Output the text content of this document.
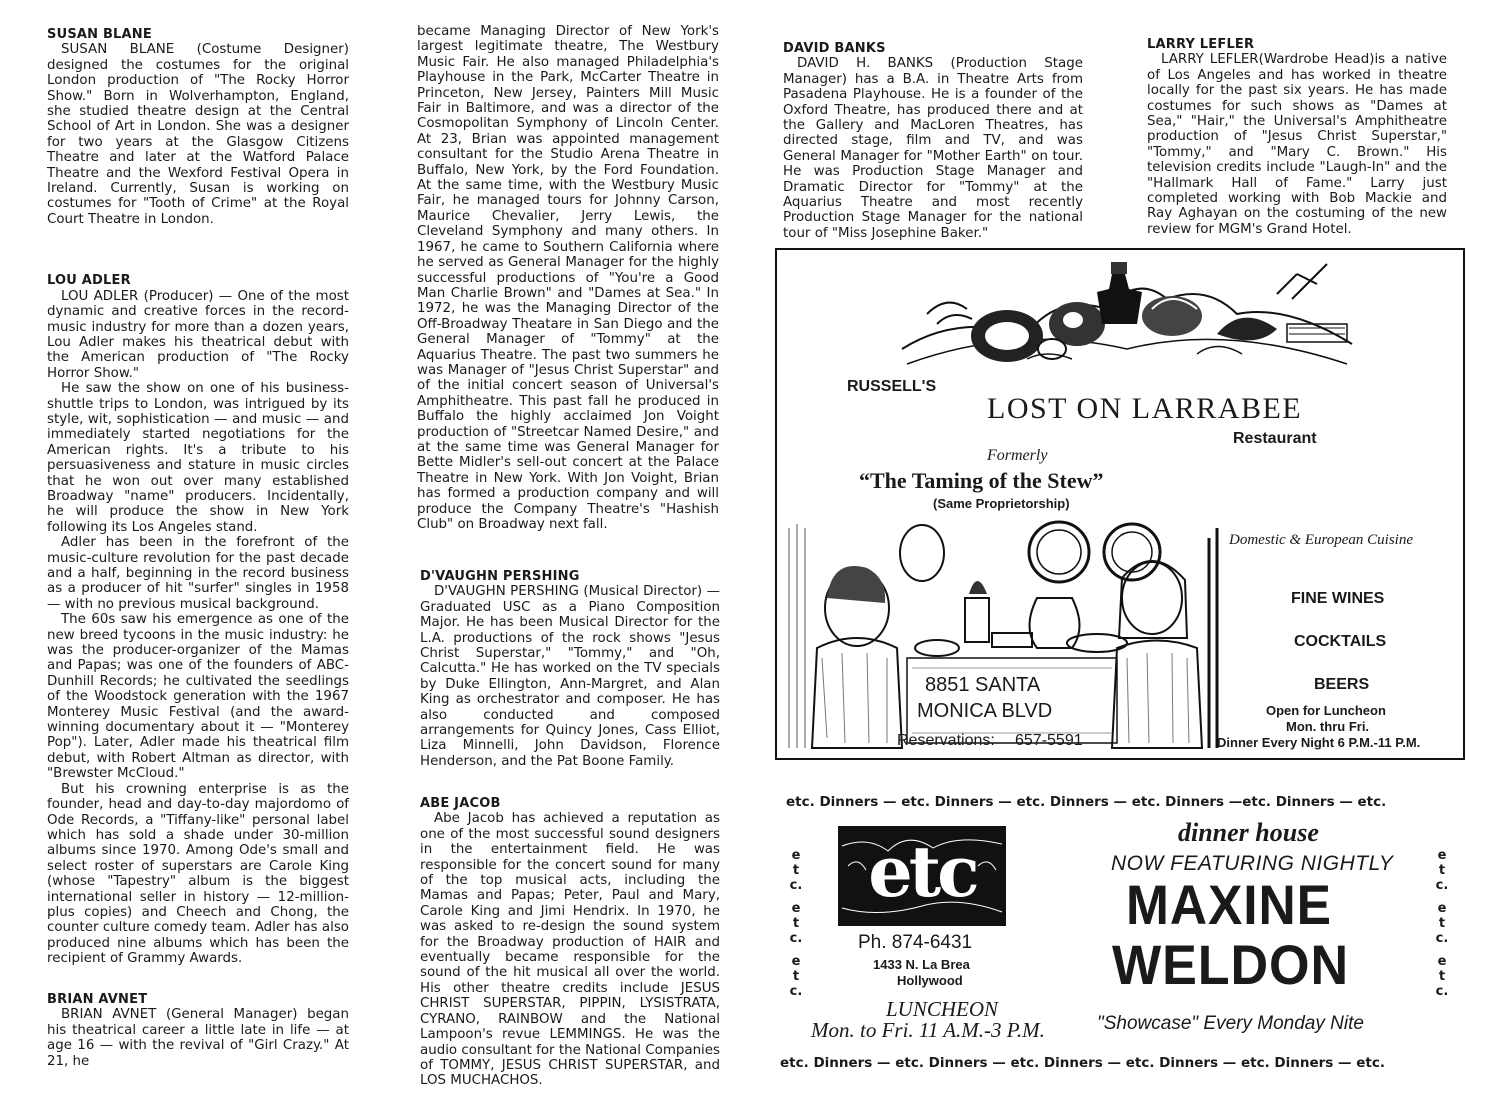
SUSAN BLANE

SUSAN BLANE (Costume Designer) designed the costumes for the original London production of "The Rocky Horror Show." Born in Wolverhampton, England, she studied theatre design at the Central School of Art in London. She was a designer for two years at the Glasgow Citizens Theatre and later at the Watford Palace Theatre and the Wexford Festival Opera in Ireland. Currently, Susan is working on costumes for "Tooth of Crime" at the Royal Court Theatre in London.

LOU ADLER

LOU ADLER (Producer) — One of the most dynamic and creative forces in the record-music industry for more than a dozen years, Lou Adler makes his theatrical debut with the American production of "The Rocky Horror Show."

He saw the show on one of his business-shuttle trips to London, was intrigued by its style, wit, sophistication — and music — and immediately started negotiations for the American rights. It's a tribute to his persuasiveness and stature in music circles that he won out over many established Broadway "name" producers. Incidentally, he will produce the show in New York following its Los Angeles stand.

Adler has been in the forefront of the music-culture revolution for the past decade and a half, beginning in the record business as a producer of hit "surfer" singles in 1958 — with no previous musical background.

The 60s saw his emergence as one of the new breed tycoons in the music industry: he was the producer-organizer of the Mamas and Papas; was one of the founders of ABC-Dunhill Records; he cultivated the seedlings of the Woodstock generation with the 1967 Monterey Music Festival (and the award-winning documentary about it — "Monterey Pop"). Later, Adler made his theatrical film debut, with Robert Altman as director, with "Brewster McCloud."

But his crowning enterprise is as the founder, head and day-to-day majordomo of Ode Records, a "Tiffany-like" personal label which has sold a shade under 30-million albums since 1970. Among Ode's small and select roster of superstars are Carole King (whose "Tapestry" album is the biggest international seller in history — 12-million-plus copies) and Cheech and Chong, the counter culture comedy team. Adler has also produced nine albums which has been the recipient of Grammy Awards.

BRIAN AVNET

BRIAN AVNET (General Manager) began his theatrical career a little late in life — at age 16 — with the revival of "Girl Crazy." At 21, he

became Managing Director of New York's largest legitimate theatre, The Westbury Music Fair. He also managed Philadelphia's Playhouse in the Park, McCarter Theatre in Princeton, New Jersey, Painters Mill Music Fair in Baltimore, and was a director of the Cosmopolitan Symphony of Lincoln Center. At 23, Brian was appointed management consultant for the Studio Arena Theatre in Buffalo, New York, by the Ford Foundation. At the same time, with the Westbury Music Fair, he managed tours for Johnny Carson, Maurice Chevalier, Jerry Lewis, the Cleveland Symphony and many others. In 1967, he came to Southern California where he served as General Manager for the highly successful productions of "You're a Good Man Charlie Brown" and "Dames at Sea." In 1972, he was the Managing Director of the Off-Broadway Theatare in San Diego and the General Manager of "Tommy" at the Aquarius Theatre. The past two summers he was Manager of "Jesus Christ Superstar" and of the initial concert season of Universal's Amphitheatre. This past fall he produced in Buffalo the highly acclaimed Jon Voight production of "Streetcar Named Desire," and at the same time was General Manager for Bette Midler's sell-out concert at the Palace Theatre in New York. With Jon Voight, Brian has formed a production company and will produce the Company Theatre's "Hashish Club" on Broadway next fall.

D'VAUGHN PERSHING

D'VAUGHN PERSHING (Musical Director) — Graduated USC as a Piano Composition Major. He has been Musical Director for the L.A. productions of the rock shows "Jesus Christ Superstar," "Tommy," and "Oh, Calcutta." He has worked on the TV specials by Duke Ellington, Ann-Margret, and Alan King as orchestrator and composer. He has also conducted and composed arrangements for Quincy Jones, Cass Elliot, Liza Minnelli, John Davidson, Florence Henderson, and the Pat Boone Family.

ABE JACOB

Abe Jacob has achieved a reputation as one of the most successful sound designers in the entertainment field. He was responsible for the concert sound for many of the top musical acts, including the Mamas and Papas; Peter, Paul and Mary, Carole King and Jimi Hendrix. In 1970, he was asked to re-design the sound system for the Broadway production of HAIR and eventually became responsible for the sound of the hit musical all over the world. His other theatre credits include JESUS CHRIST SUPERSTAR, PIPPIN, LYSISTRATA, CYRANO, RAINBOW and the National Lampoon's revue LEMMINGS. He was the audio consultant for the National Companies of TOMMY, JESUS CHRIST SUPERSTAR, and LOS MUCHACHOS.

DAVID BANKS

DAVID H. BANKS (Production Stage Manager) has a B.A. in Theatre Arts from Pasadena Playhouse. He is a founder of the Oxford Theatre, has produced there and at the Gallery and MacLoren Theatres, has directed stage, film and TV, and was General Manager for "Mother Earth" on tour. He was Production Stage Manager and Dramatic Director for "Tommy" at the Aquarius Theatre and most recently Production Stage Manager for the national tour of "Miss Josephine Baker."

LARRY LEFLER

LARRY LEFLER(Wardrobe Head)is a native of Los Angeles and has worked in theatre locally for the past six years. He has made costumes for such shows as "Dames at Sea," "Hair," the Universal's Amphitheatre production of "Jesus Christ Superstar," "Tommy," and "Mary C. Brown." His television credits include "Laugh-In" and the "Hallmark Hall of Fame." Larry just completed working with Bob Mackie and Ray Aghayan on the costuming of the new review for MGM's Grand Hotel.

RUSSELL'S
LOST ON LARRABEE
Restaurant
Formerly
“The Taming of the Stew”
(Same Proprietorship)
8851 SANTA
MONICA BLVD
Reservations: 657-5591
Domestic & European Cuisine
FINE WINES
COCKTAILS
BEERS
Open for Luncheon
Mon. thru Fri.
Dinner Every Night 6 P.M.-11 P.M.
etc. Dinners — etc. Dinners — etc. Dinners — etc. Dinners —etc. Dinners — etc.
e
t
c.
e
t
c.
e
t
c.
e
t
c.
e
t
c.
e
t
c.
etc
Ph. 874-6431
1433 N. La Brea
Hollywood
LUNCHEON
Mon. to Fri. 11 A.M.-3 P.M.
dinner house
NOW FEATURING NIGHTLY
MAXINE
WELDON
"Showcase" Every Monday Nite
etc. Dinners — etc. Dinners — etc. Dinners — etc. Dinners — etc. Dinners — etc.
